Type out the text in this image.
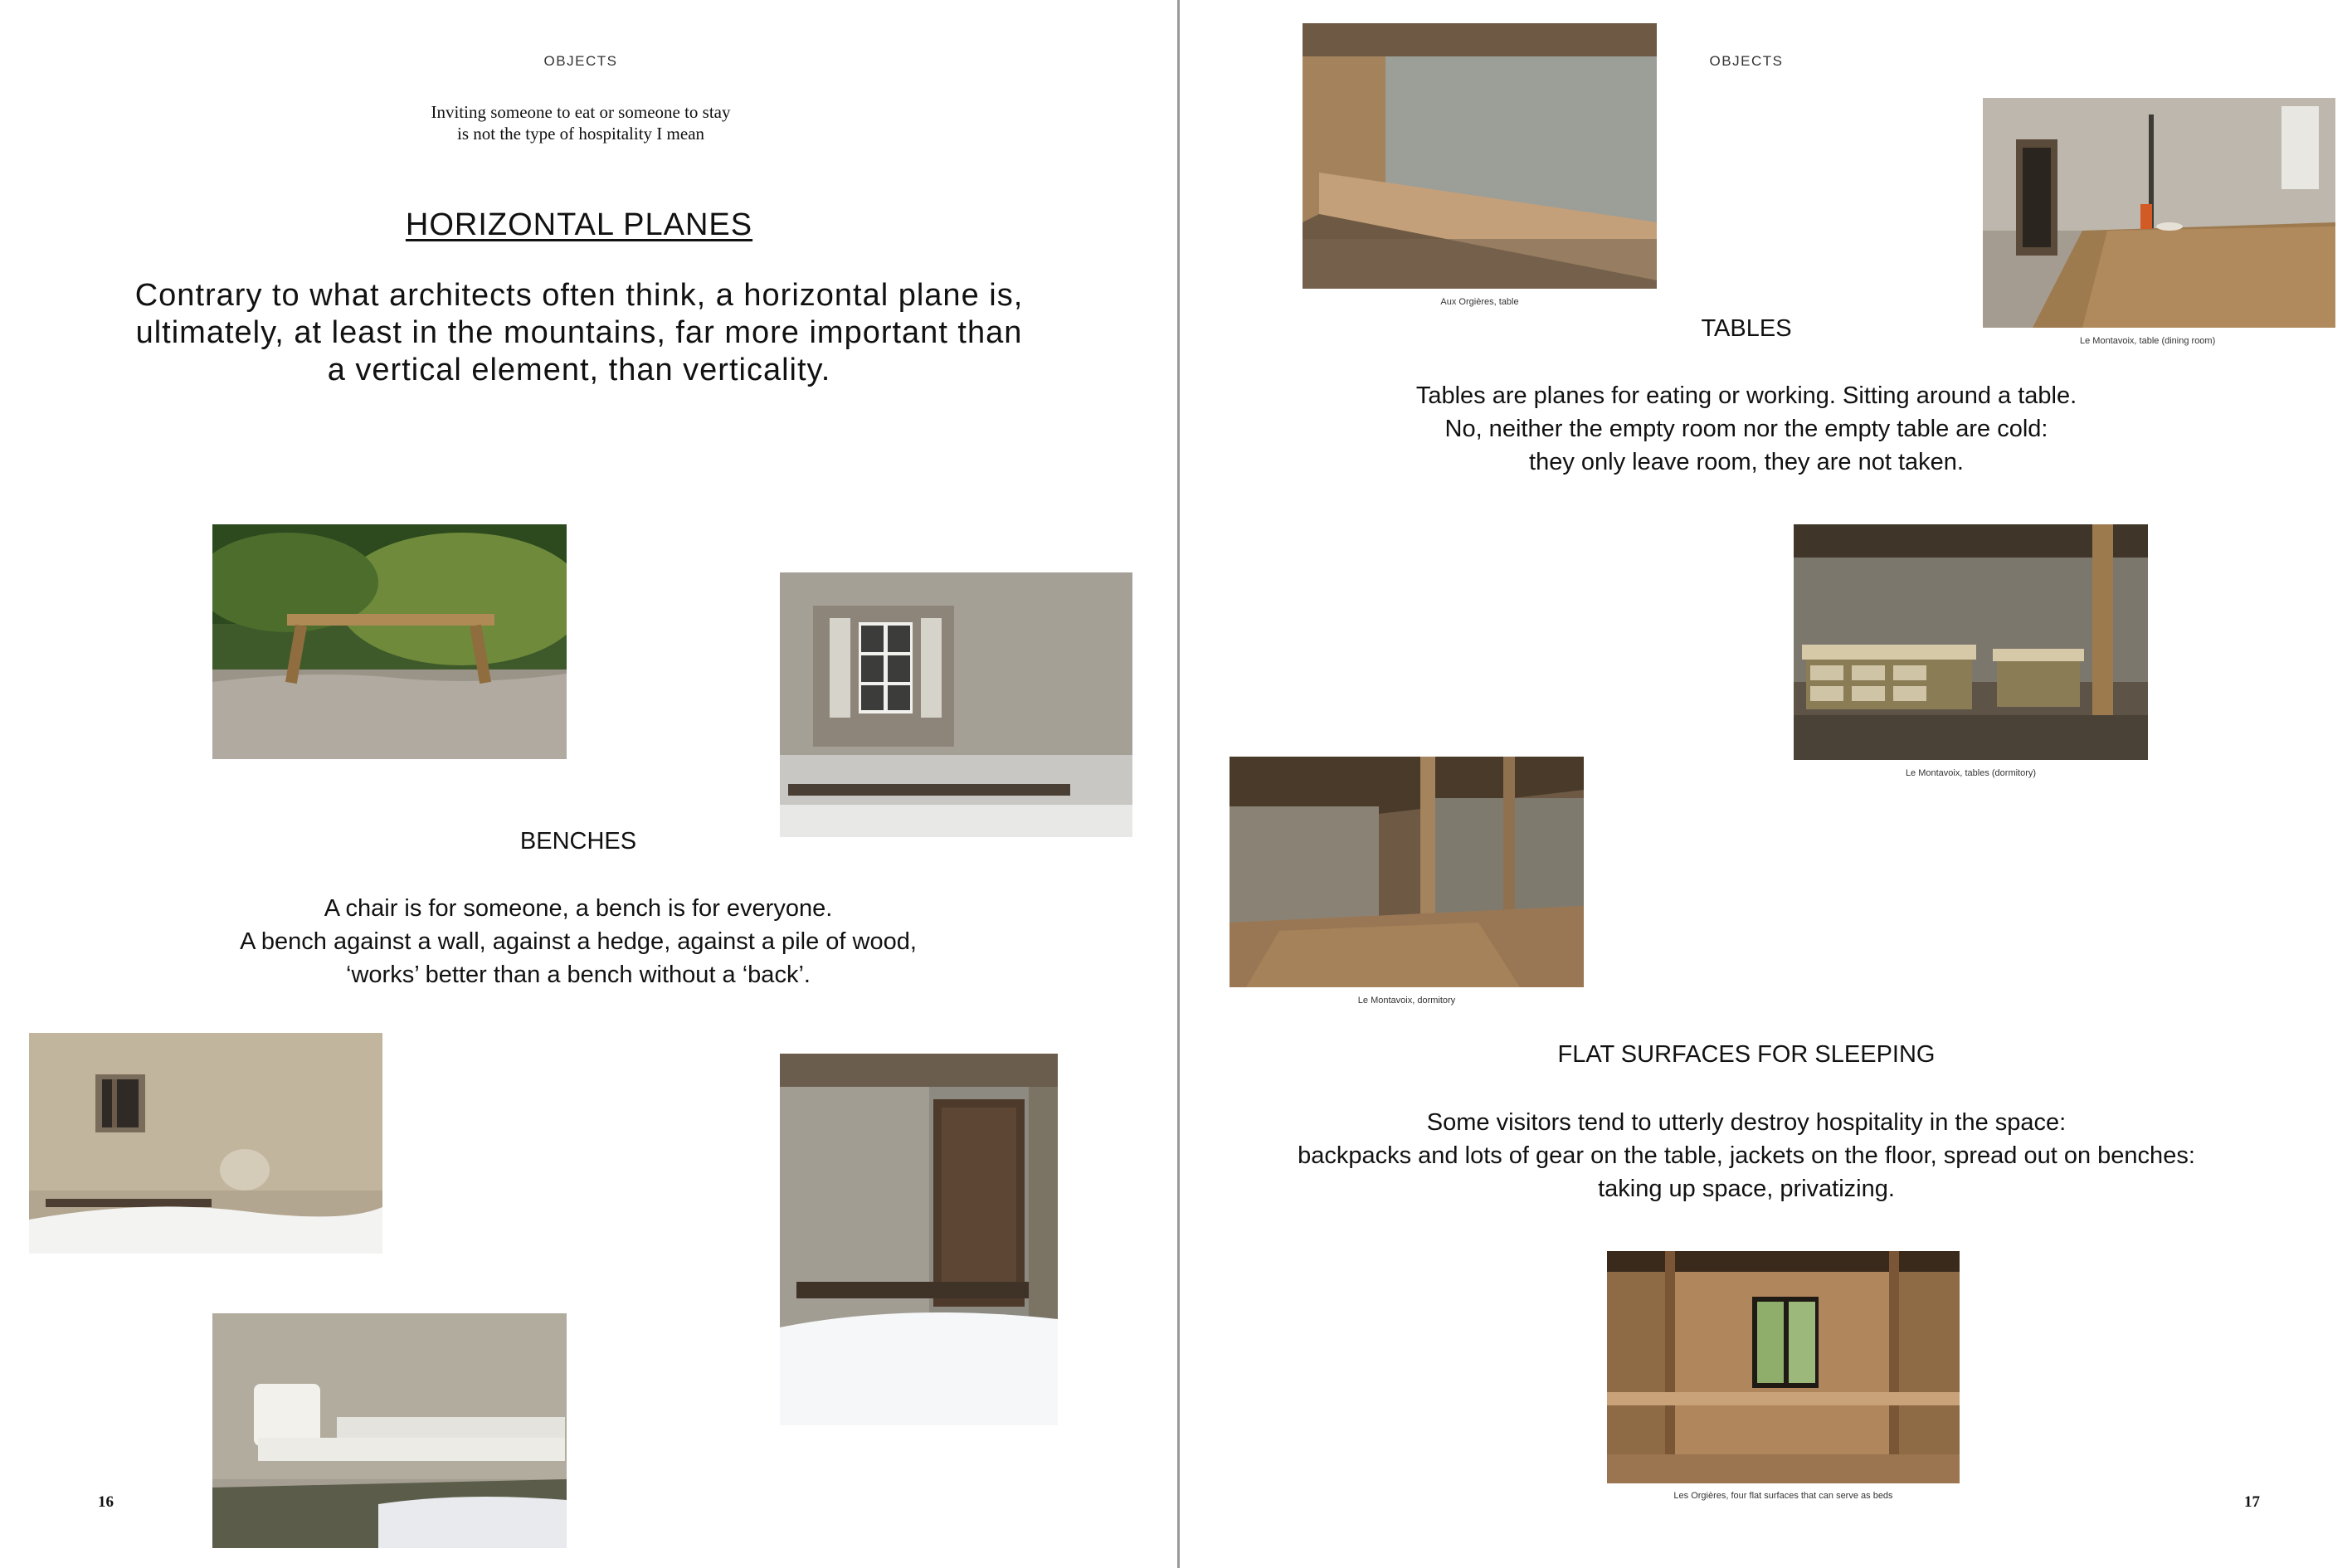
OBJECTS
Inviting someone to eat or someone to stay
is not the type of hospitality I mean
HORIZONTAL PLANES
Contrary to what architects often think, a horizontal plane is,
ultimately, at least in the mountains, far more important than
a vertical element, than verticality.
BENCHES
A chair is for someone, a bench is for everyone.
A bench against a wall, against a hedge, against a pile of wood,
‘works’ better than a bench without a ‘back’.
16
Aux Orgières, table
OBJECTS
Le Montavoix, table (dining room)
TABLES
Tables are planes for eating or working. Sitting around a table.
No, neither the empty room nor the empty table are cold:
they only leave room, they are not taken.
Le Montavoix, tables (dormitory)
Le Montavoix, dormitory
FLAT SURFACES FOR SLEEPING
Some visitors tend to utterly destroy hospitality in the space:
backpacks and lots of gear on the table, jackets on the floor, spread out on benches:
taking up space, privatizing.
Les Orgières, four flat surfaces that can serve as beds	17
